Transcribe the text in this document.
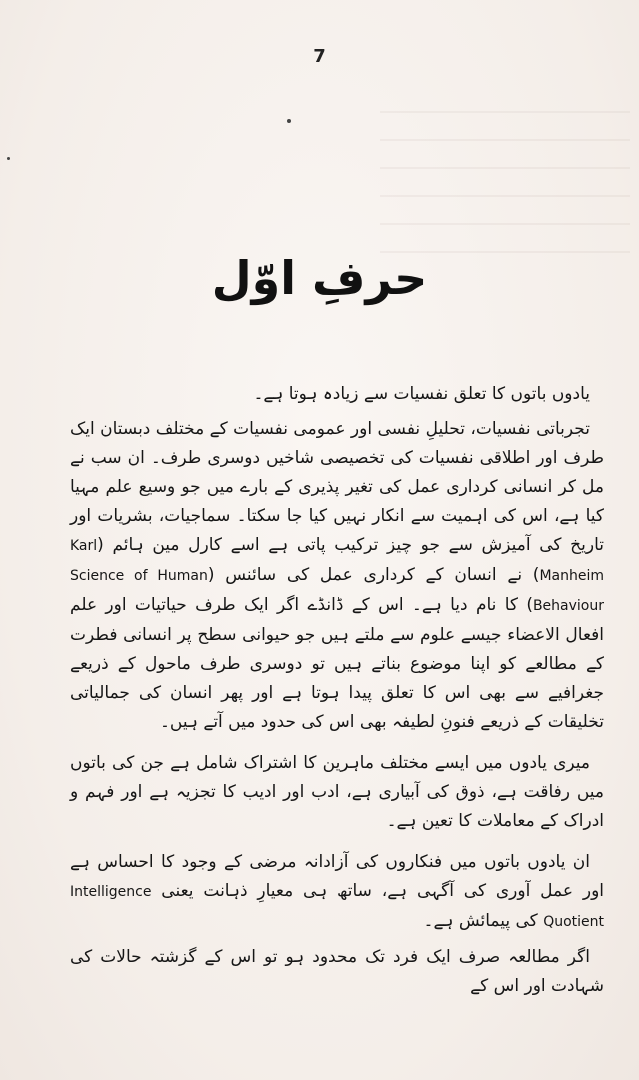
7
حرفِ اوّل

یادوں باتوں کا تعلق نفسیات سے زیادہ ہوتا ہے۔

تجرباتی نفسیات، تحلیلِ نفسی اور عمومی نفسیات کے مختلف دبستان ایک طرف اور اطلاقی نفسیات کی تخصیصی شاخیں دوسری طرف۔ ان سب نے مل کر انسانی کرداری عمل کی تغیر پذیری کے بارے میں جو وسیع علم مہیا کیا ہے، اس کی اہمیت سے انکار نہیں کیا جا سکتا۔ سماجیات، بشریات اور تاریخ کی آمیزش سے جو چیز ترکیب پاتی ہے اسے کارل مین ہائم (Karl Manheim) نے انسان کے کرداری عمل کی سائنس (Science of Human Behaviour) کا نام دیا ہے۔ اس کے ڈانڈے اگر ایک طرف حیاتیات اور علم افعال الاعضاء جیسے علوم سے ملتے ہیں جو حیوانی سطح پر انسانی فطرت کے مطالعے کو اپنا موضوع بناتے ہیں تو دوسری طرف ماحول کے ذریعے جغرافیے سے بھی اس کا تعلق پیدا ہوتا ہے اور پھر انسان کی جمالیاتی تخلیقات کے ذریعے فنونِ لطیفہ بھی اس کی حدود میں آتے ہیں۔

میری یادوں میں ایسے مختلف ماہرین کا اشتراک شامل ہے جن کی باتوں میں رفاقت ہے، ذوق کی آبیاری ہے، ادب اور ادیب کا تجزیہ ہے اور فہم و ادراک کے معاملات کا تعین ہے۔

ان یادوں باتوں میں فنکاروں کی آزادانہ مرضی کے وجود کا احساس ہے اور عمل آوری کی آگہی ہے، ساتھ ہی معیارِ ذہانت یعنی Intelligence Quotient کی پیمائش ہے۔

اگر مطالعہ صرف ایک فرد تک محدود ہو تو اس کے گزشتہ حالات کی شہادت اور اس کے
